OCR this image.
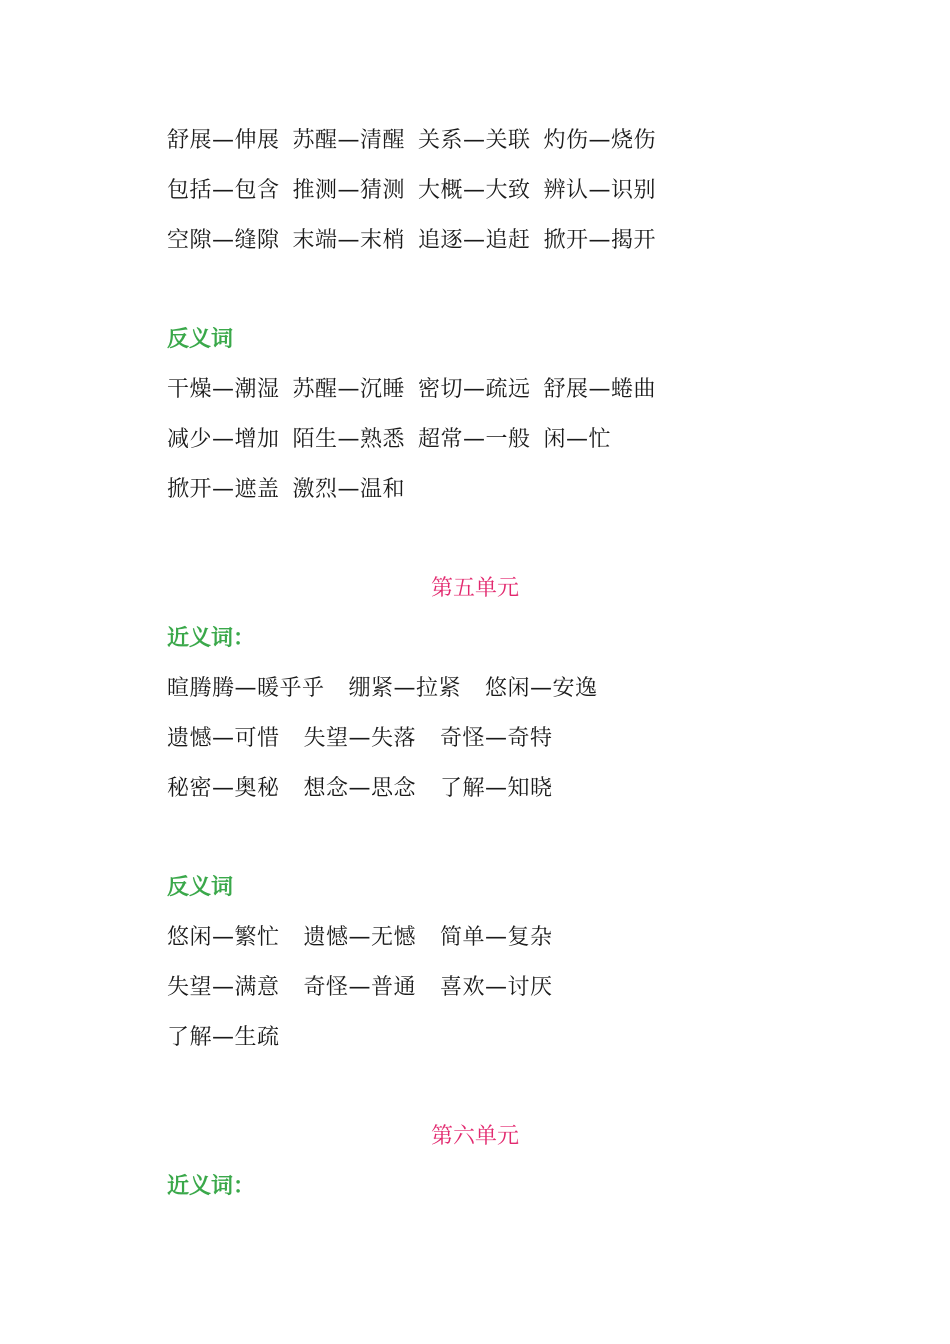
舒展—伸展 苏醒—清醒 关系—关联 灼伤—烧伤
包括—包含 推测—猜测 大概—大致 辨认—识别
空隙—缝隙 末端—末梢 追逐—追赶 掀开—揭开
反义词
干燥—潮湿 苏醒—沉睡 密切—疏远 舒展—蜷曲
减少—增加 陌生—熟悉 超常—一般 闲—忙
掀开—遮盖 激烈—温和
第五单元
近义词：
暄腾腾—暖乎乎 绷紧—拉紧 悠闲—安逸
遗憾—可惜 失望—失落 奇怪—奇特
秘密—奥秘 想念—思念 了解—知晓
反义词
悠闲—繁忙 遗憾—无憾 简单—复杂
失望—满意 奇怪—普通 喜欢—讨厌
了解—生疏
第六单元
近义词：
